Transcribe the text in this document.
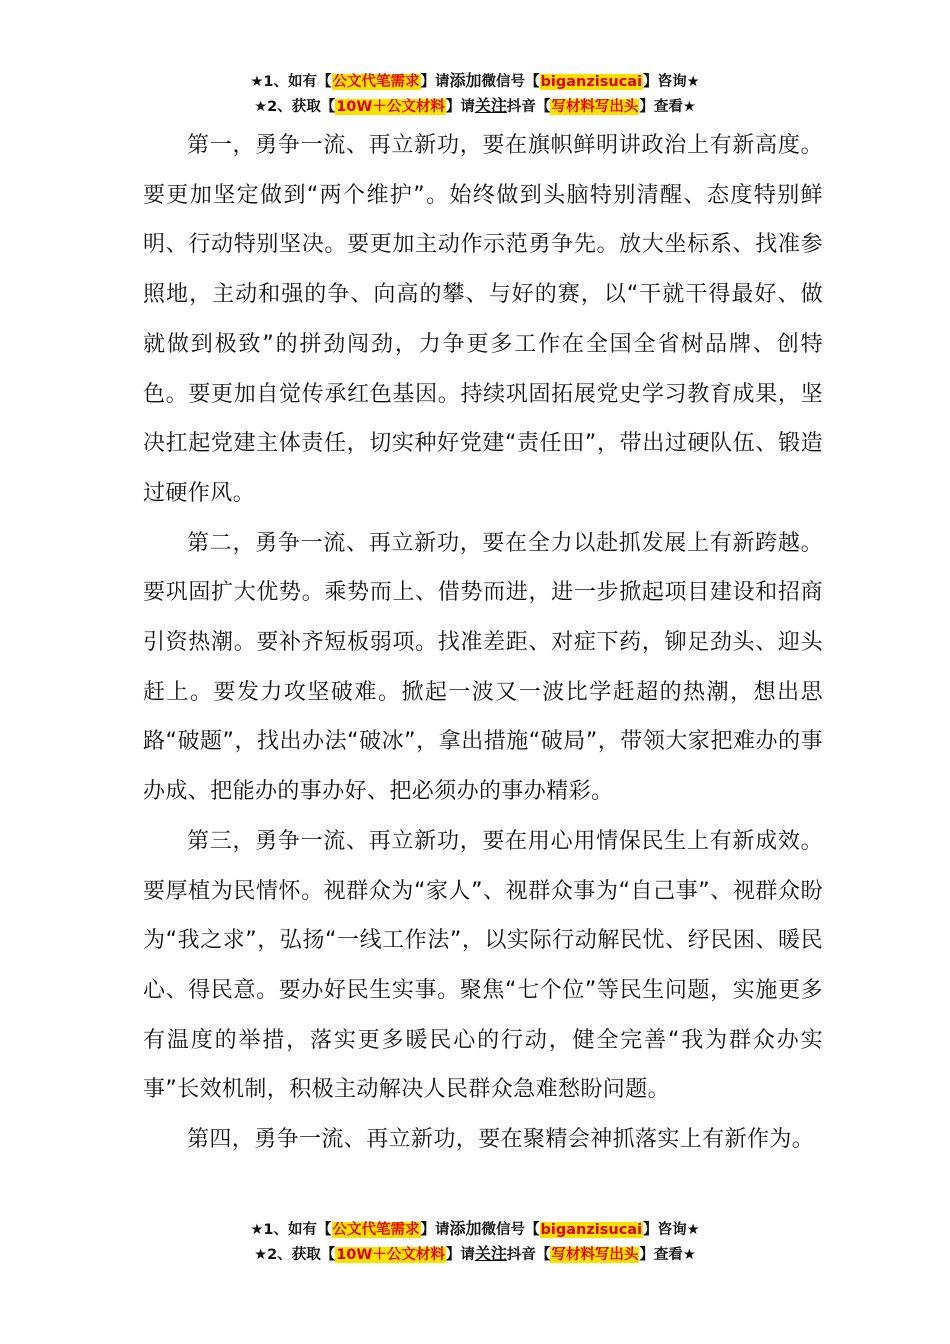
★1、如有【公文代笔需求】请添加微信号【biganzisucai】咨询★
★2、获取【10W＋公文材料】请关注抖音【写材料写出头】查看★

第一，勇争一流、再立新功，要在旗帜鲜明讲政治上有新高度。要更加坚定做到“两个维护”。始终做到头脑特别清醒、态度特别鲜明、行动特别坚决。要更加主动作示范勇争先。放大坐标系、找准参照地，主动和强的争、向高的攀、与好的赛，以“干就干得最好、做就做到极致”的拼劲闯劲，力争更多工作在全国全省树品牌、创特色。要更加自觉传承红色基因。持续巩固拓展党史学习教育成果，坚决扛起党建主体责任，切实种好党建“责任田”，带出过硬队伍、锻造过硬作风。

第二，勇争一流、再立新功，要在全力以赴抓发展上有新跨越。要巩固扩大优势。乘势而上、借势而进，进一步掀起项目建设和招商引资热潮。要补齐短板弱项。找准差距、对症下药，铆足劲头、迎头赶上。要发力攻坚破难。掀起一波又一波比学赶超的热潮，想出思路“破题”，找出办法“破冰”，拿出措施“破局”，带领大家把难办的事办成、把能办的事办好、把必须办的事办精彩。

第三，勇争一流、再立新功，要在用心用情保民生上有新成效。要厚植为民情怀。视群众为“家人”、视群众事为“自己事”、视群众盼为“我之求”，弘扬“一线工作法”，以实际行动解民忧、纾民困、暖民心、得民意。要办好民生实事。聚焦“七个位”等民生问题，实施更多有温度的举措，落实更多暖民心的行动，健全完善“我为群众办实事”长效机制，积极主动解决人民群众急难愁盼问题。

第四，勇争一流、再立新功，要在聚精会神抓落实上有新作为。

★1、如有【公文代笔需求】请添加微信号【biganzisucai】咨询★
★2、获取【10W＋公文材料】请关注抖音【写材料写出头】查看★
